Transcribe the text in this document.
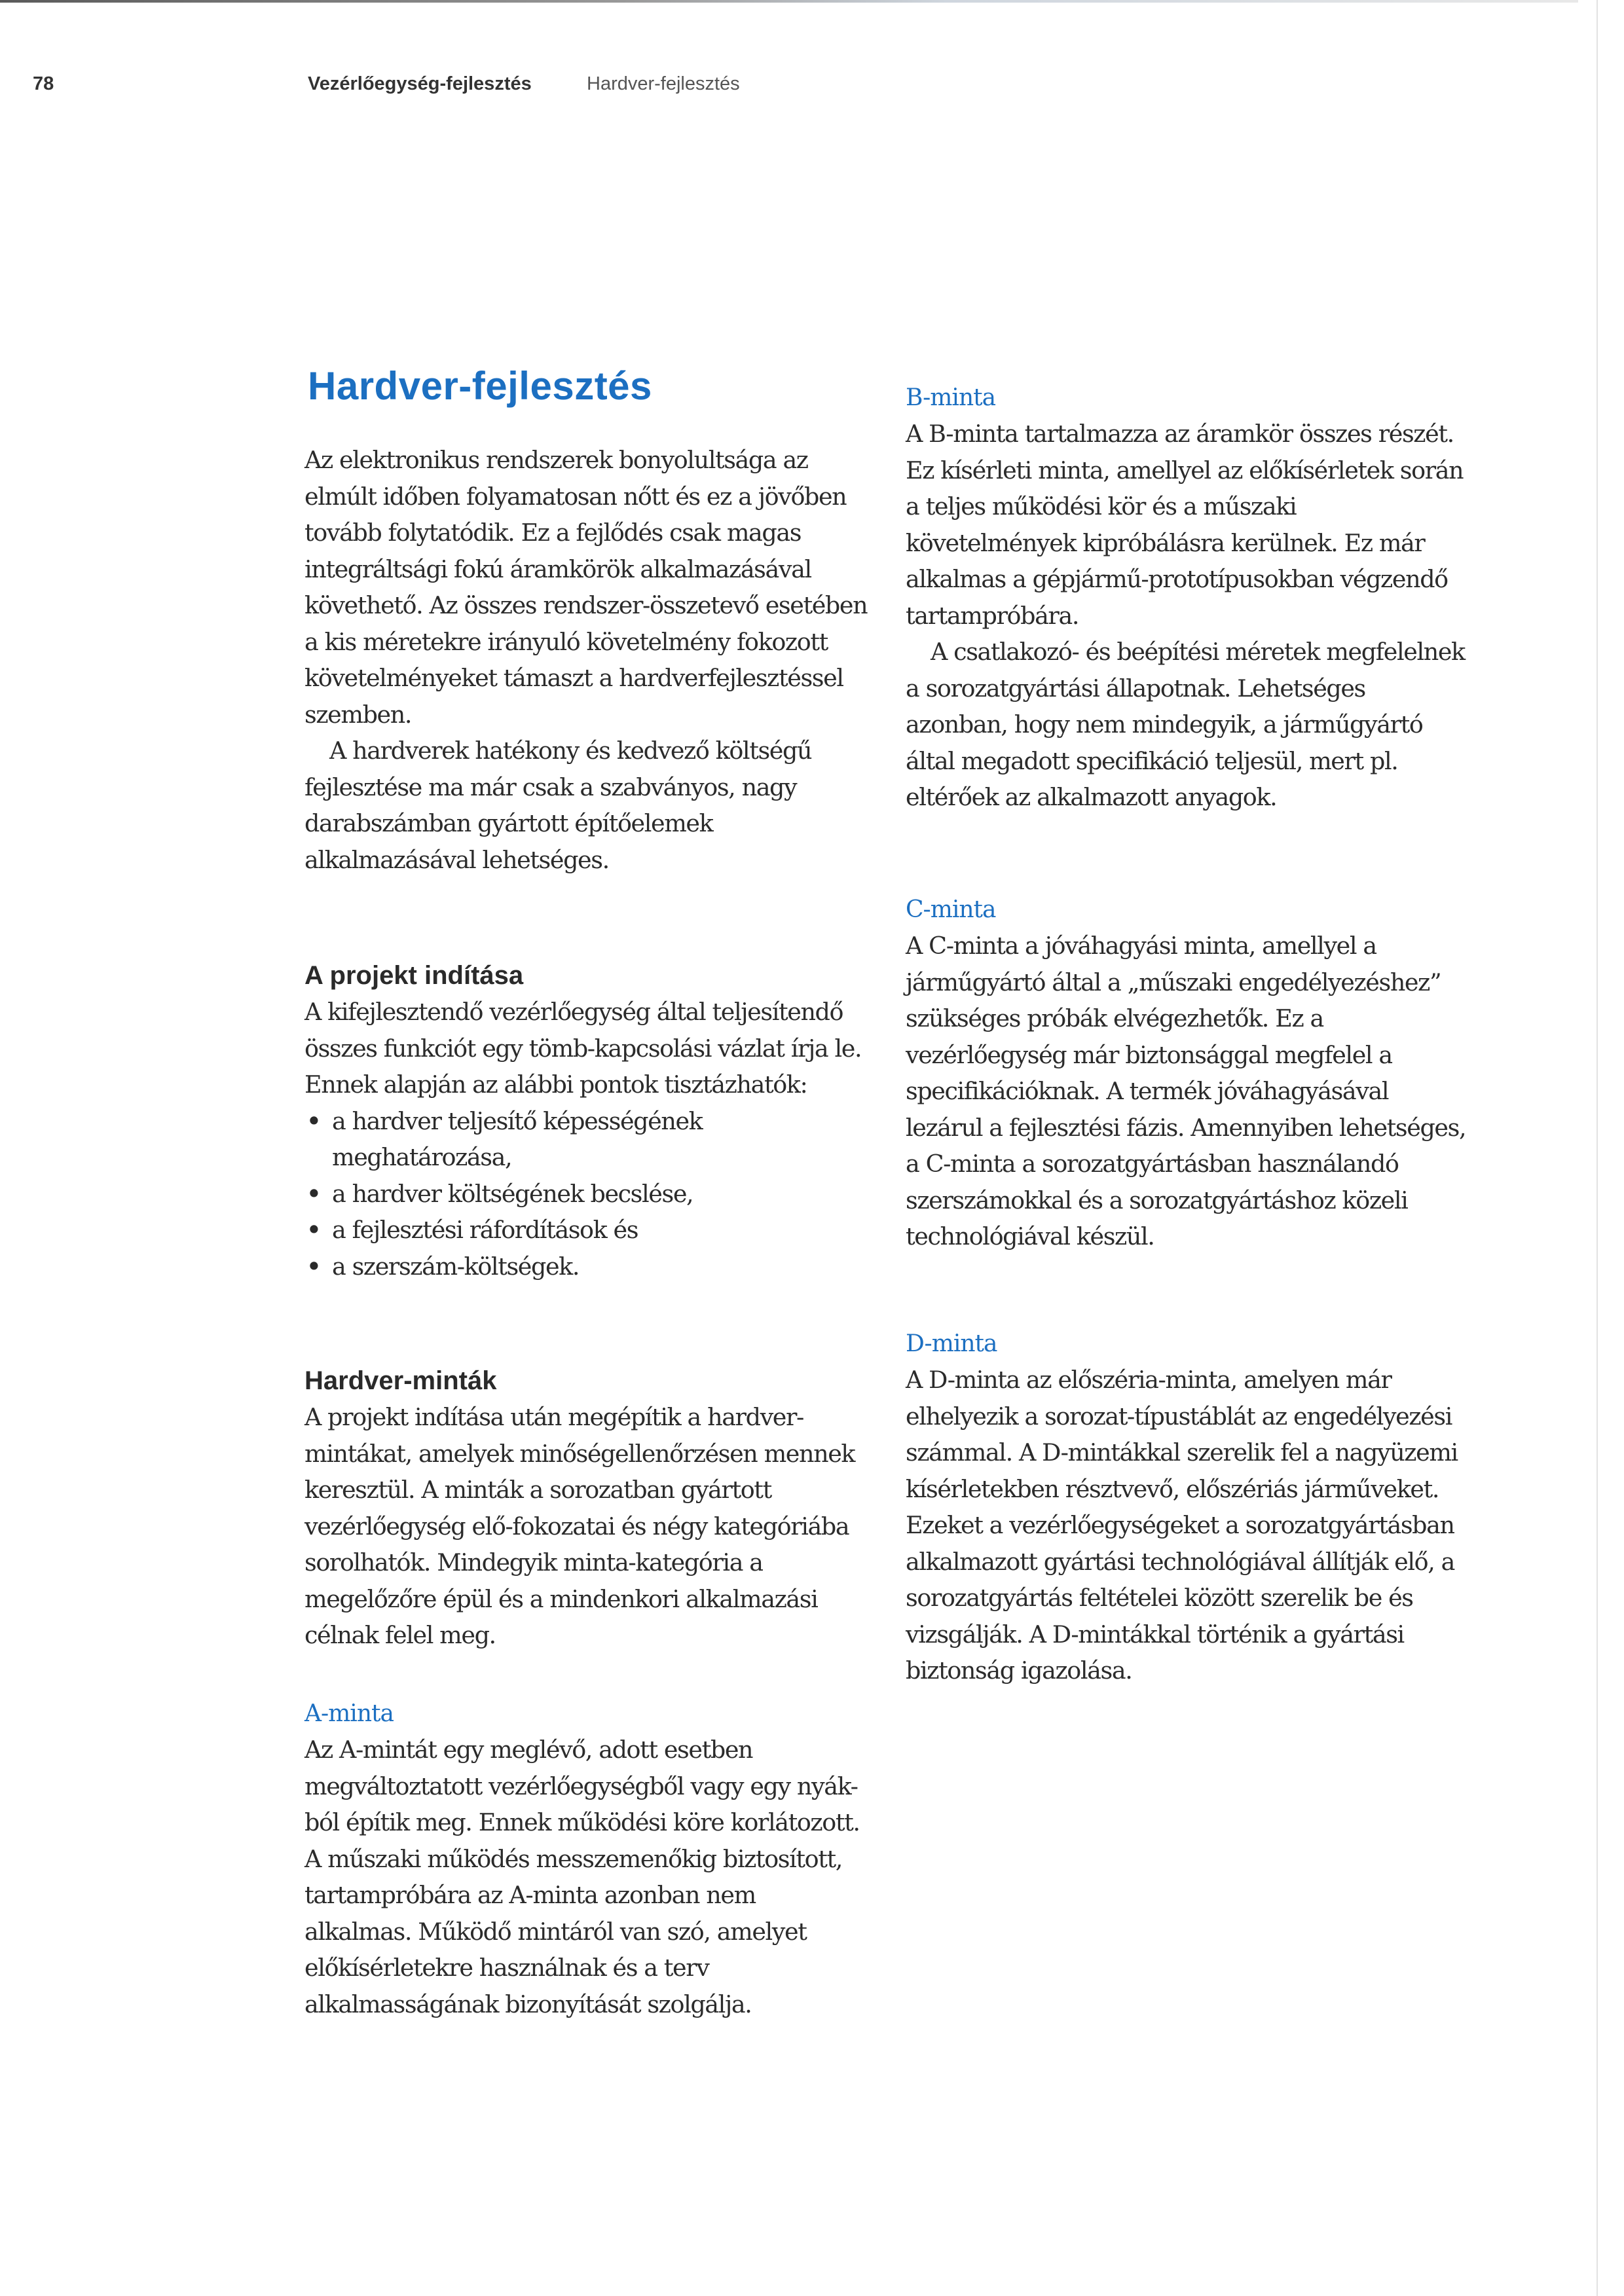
78	Vezérlőegység-fejlesztés	Hardver-fejlesztés
Hardver-fejlesztés

Az elektronikus rendszerek bonyolultsága az elmúlt időben folyamatosan nőtt és ez a jövőben tovább folytatódik. Ez a fejlődés csak magas integráltsági fokú áramkörök alkalmazásával követhető. Az összes rendszer-összetevő esetében a kis méretekre irányuló követelmény fokozott követelményeket támaszt a hardverfejlesztéssel szemben.

A hardverek hatékony és kedvező költségű fejlesztése ma már csak a szabványos, nagy darabszámban gyártott építőelemek alkalmazásával lehetséges.

A projekt indítása

A kifejlesztendő vezérlőegység által teljesítendő összes funkciót egy tömb-kapcsolási vázlat írja le. Ennek alapján az alábbi pontok tisztázhatók:

• a hardver teljesítő képességének meghatározása,
• a hardver költségének becslése,
• a fejlesztési ráfordítások és
• a szerszám-költségek.
Hardver-minták

A projekt indítása után megépítik a hardver-mintákat, amelyek minőségellenőrzésen mennek keresztül. A minták a sorozatban gyártott vezérlőegység elő-fokozatai és négy kategóriába sorolhatók. Mindegyik minta-kategória a megelőzőre épül és a mindenkori alkalmazási célnak felel meg.

A-minta

Az A-mintát egy meglévő, adott esetben megváltoztatott vezérlőegységből vagy egy nyák-ból építik meg. Ennek működési köre korlátozott. A műszaki működés messzemenőkig biztosított, tartampróbára az A-minta azonban nem alkalmas. Működő mintáról van szó, amelyet előkísérletekre használnak és a terv alkalmasságának bizonyítását szolgálja.

B-minta

A B-minta tartalmazza az áramkör összes részét. Ez kísérleti minta, amellyel az előkísérletek során a teljes működési kör és a műszaki követelmények kipróbálásra kerülnek. Ez már alkalmas a gépjármű-prototípusokban végzendő tartampróbára.

A csatlakozó- és beépítési méretek megfelelnek a sorozatgyártási állapotnak. Lehetséges azonban, hogy nem mindegyik, a járműgyártó által megadott specifikáció teljesül, mert pl. eltérőek az alkalmazott anyagok.

C-minta

A C-minta a jóváhagyási minta, amellyel a járműgyártó által a „műszaki engedélyezéshez” szükséges próbák elvégezhetők. Ez a vezérlőegység már biztonsággal megfelel a specifikációknak. A termék jóváhagyásával lezárul a fejlesztési fázis. Amennyiben lehetséges, a C-minta a sorozatgyártásban használandó szerszámokkal és a sorozatgyártáshoz közeli technológiával készül.

D-minta

A D-minta az előszéria-minta, amelyen már elhelyezik a sorozat-típustáblát az engedélyezési számmal. A D-mintákkal szerelik fel a nagyüzemi kísérletekben résztvevő, előszériás járműveket. Ezeket a vezérlőegységeket a sorozatgyártásban alkalmazott gyártási technológiával állítják elő, a sorozatgyártás feltételei között szerelik be és vizsgálják. A D-mintákkal történik a gyártási biztonság igazolása.
